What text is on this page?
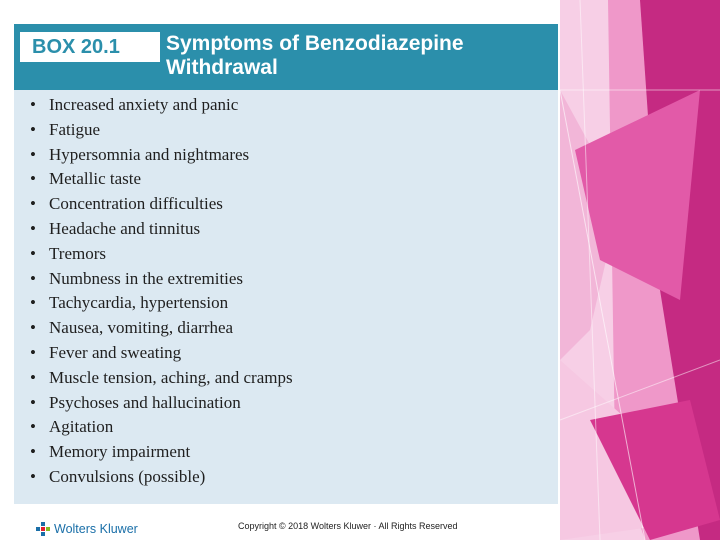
BOX 20.1	Symptoms of Benzodiazepine
Withdrawal
• Increased anxiety and panic
• Fatigue
• Hypersomnia and nightmares
• Metallic taste
• Concentration difficulties
• Headache and tinnitus
• Tremors
• Numbness in the extremities
• Tachycardia, hypertension
• Nausea, vomiting, diarrhea
• Fever and sweating
• Muscle tension, aching, and cramps
• Psychoses and hallucination
• Agitation
• Memory impairment
• Convulsions (possible)
Wolters Kluwer	Copyright © 2018 Wolters Kluwer · All Rights Reserved
